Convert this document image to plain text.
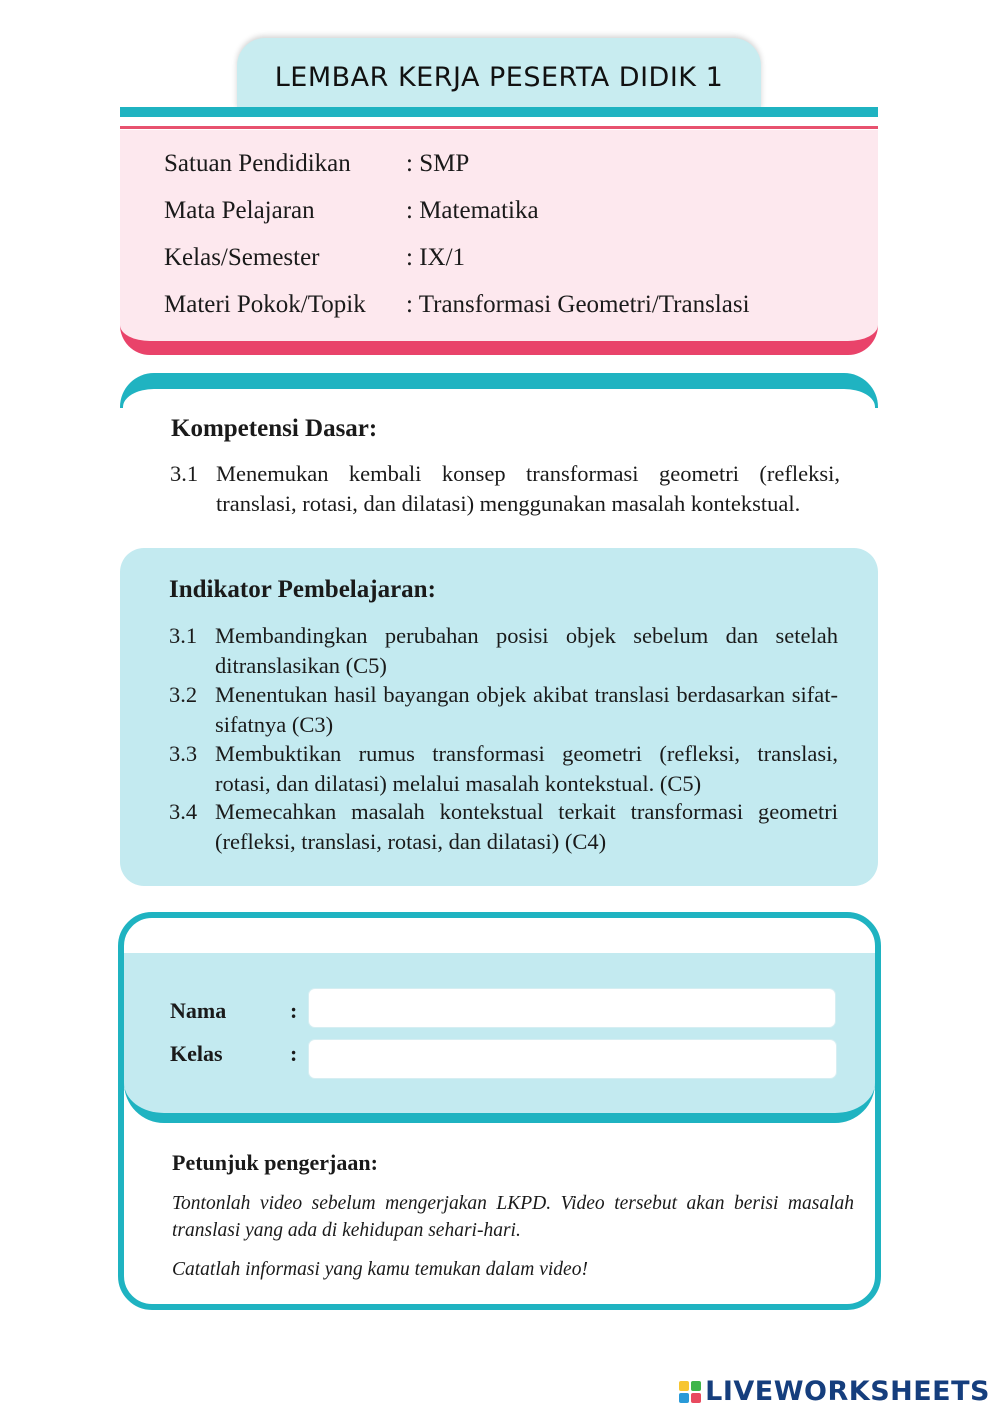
LEMBAR KERJA PESERTA DIDIK 1
Satuan Pendidikan	: SMP
Mata Pelajaran	: Matematika
Kelas/Semester	: IX/1
Materi Pokok/Topik	: Transformasi Geometri/Translasi
Kompetensi Dasar:
3.1 Menemukan kembali konsep transformasi geometri (refleksi, translasi, rotasi, dan dilatasi) menggunakan masalah kontekstual.
Indikator Pembelajaran:
3.1 Membandingkan perubahan posisi objek sebelum dan setelah ditranslasikan (C5)
3.2 Menentukan hasil bayangan objek akibat translasi berdasarkan sifat-sifatnya (C3)
3.3 Membuktikan rumus transformasi geometri (refleksi, translasi, rotasi, dan dilatasi) melalui masalah kontekstual. (C5)
3.4 Memecahkan masalah kontekstual terkait transformasi geometri (refleksi, translasi, rotasi, dan dilatasi) (C4)
Nama	:
Kelas	:
Petunjuk pengerjaan:
Tontonlah video sebelum mengerjakan LKPD. Video tersebut akan berisi masalah translasi yang ada di kehidupan sehari-hari.
Catatlah informasi yang kamu temukan dalam video!
LIVEWORKSHEETS
